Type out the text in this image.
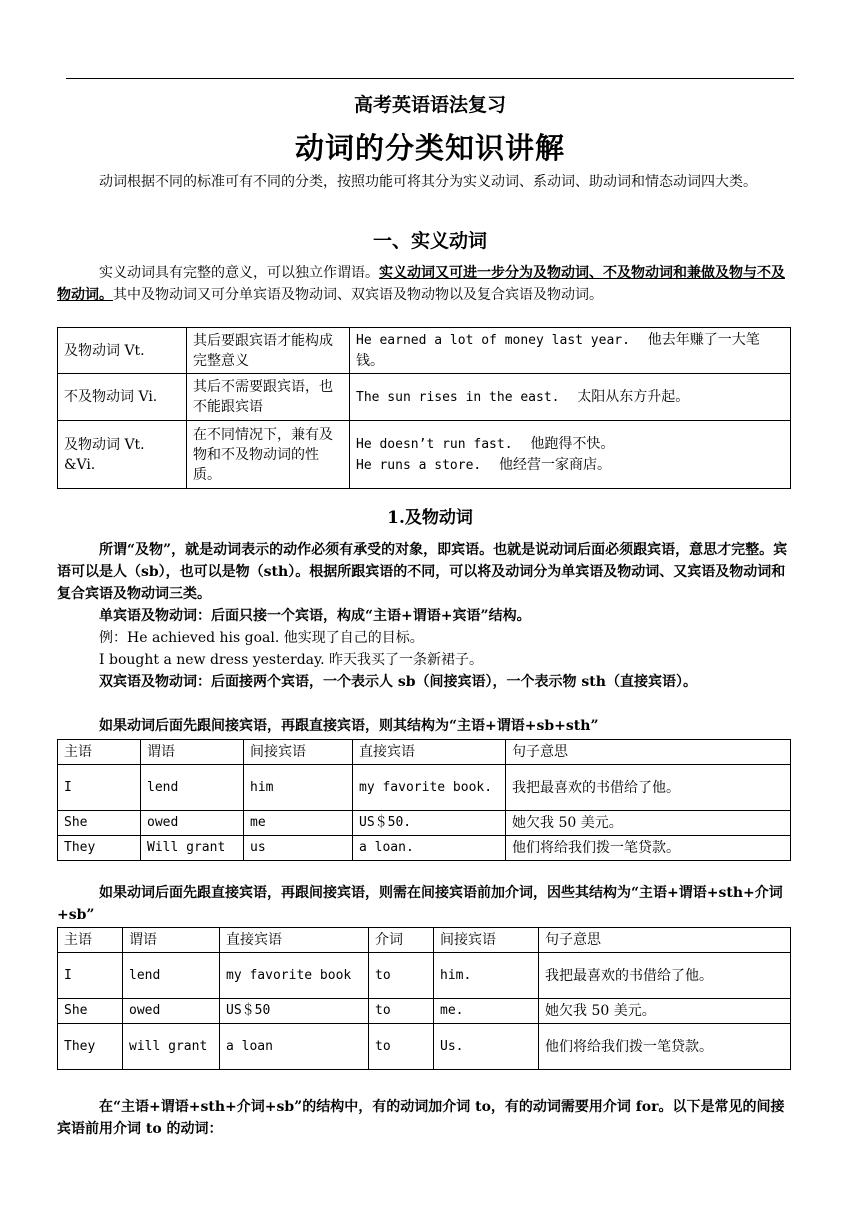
高考英语语法复习
动词的分类知识讲解
动词根据不同的标准可有不同的分类，按照功能可将其分为实义动词、系动词、助动词和情态动词四大类。
一、实义动词
实义动词具有完整的意义，可以独立作谓语。实义动词又可进一步分为及物动词、不及物动词和兼做及物与不及物动词。其中及物动词又可分单宾语及物动词、双宾语及物动物以及复合宾语及物动词。
及物动词 Vt.	其后要跟宾语才能构成完整意义	He earned a lot of money last year. 他去年赚了一大笔钱。
不及物动词 Vi.	其后不需要跟宾语，也不能跟宾语	The sun rises in the east. 太阳从东方升起。
及物动词 Vt. &Vi.	在不同情况下，兼有及物和不及物动词的性质。	He doesn’t run fast. 他跑得不快。
He runs a store. 他经营一家商店。
1.及物动词
所谓“及物”，就是动词表示的动作必须有承受的对象，即宾语。也就是说动词后面必须跟宾语，意思才完整。宾语可以是人（sb），也可以是物（sth）。根据所跟宾语的不同，可以将及动词分为单宾语及物动词、又宾语及物动词和复合宾语及物动词三类。
单宾语及物动词：后面只接一个宾语，构成“主语+谓语+宾语”结构。
例：He achieved his goal. 他实现了自己的目标。
I bought a new dress yesterday. 昨天我买了一条新裙子。
双宾语及物动词：后面接两个宾语，一个表示人 sb（间接宾语），一个表示物 sth（直接宾语）。
如果动词后面先跟间接宾语，再跟直接宾语，则其结构为“主语+谓语+sb+sth”
主语	谓语	间接宾语	直接宾语	句子意思
I	lend	him	my favorite book.	我把最喜欢的书借给了他。
She	owed	me	US＄50.	她欠我 50 美元。
They	Will grant	us	a loan.	他们将给我们拨一笔贷款。
如果动词后面先跟直接宾语，再跟间接宾语，则需在间接宾语前加介词，因些其结构为“主语+谓语+sth+介词+sb”
主语	谓语	直接宾语	介词	间接宾语	句子意思
I	lend	my favorite book	to	him.	我把最喜欢的书借给了他。
She	owed	US＄50	to	me.	她欠我 50 美元。
They	will grant	a loan	to	Us.	他们将给我们拨一笔贷款。
在“主语+谓语+sth+介词+sb”的结构中，有的动词加介词 to，有的动词需要用介词 for。以下是常见的间接宾语前用介词 to 的动词：
